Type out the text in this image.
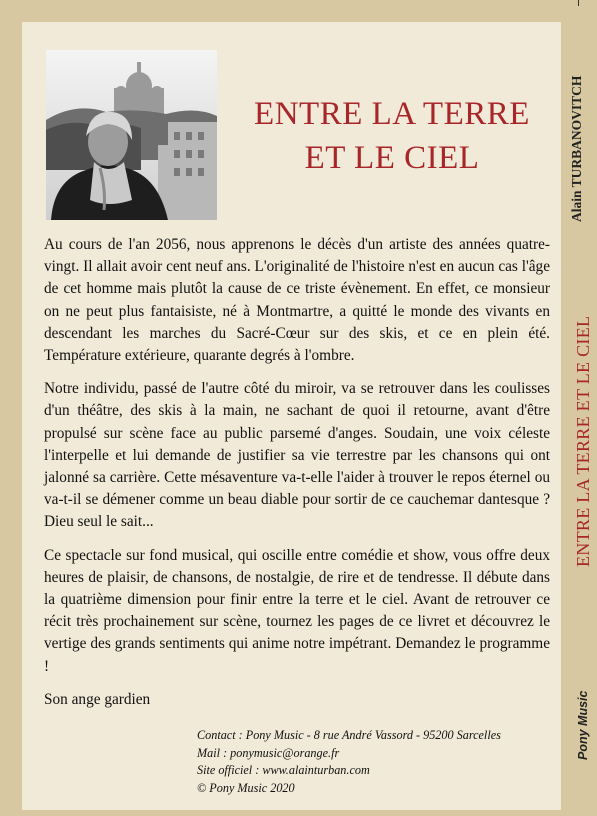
ENTRE LA TERRE
ET LE CIEL

Au cours de l'an 2056, nous apprenons le décès d'un artiste des années quatre-vingt. Il allait avoir cent neuf ans. L'originalité de l'histoire n'est en aucun cas l'âge de cet homme mais plutôt la cause de ce triste évènement. En effet, ce monsieur on ne peut plus fantaisiste, né à Montmartre, a quitté le monde des vivants en descendant les marches du Sacré-Cœur sur des skis, et ce en plein été. Température extérieure, quarante degrés à l'ombre.

Notre individu, passé de l'autre côté du miroir, va se retrouver dans les coulisses d'un théâtre, des skis à la main, ne sachant de quoi il retourne, avant d'être propulsé sur scène face au public parsemé d'anges. Soudain, une voix céleste l'interpelle et lui demande de justifier sa vie terrestre par les chansons qui ont jalonné sa carrière. Cette mésaventure va-t-elle l'aider à trouver le repos éternel ou va-t-il se démener comme un beau diable pour sortir de ce cauchemar dantesque ? Dieu seul le sait...

Ce spectacle sur fond musical, qui oscille entre comédie et show, vous offre deux heures de plaisir, de chansons, de nostalgie, de rire et de tendresse. Il débute dans la quatrième dimension pour finir entre la terre et le ciel. Avant de retrouver ce récit très prochainement sur scène, tournez les pages de ce livret et découvrez le vertige des grands sentiments qui anime notre impétrant. Demandez le programme !

Son ange gardien

Contact : Pony Music - 8 rue André Vassord - 95200 Sarcelles
Mail : ponymusic@orange.fr
Site officiel : www.alainturban.com
© Pony Music 2020
Alain TURBANOVITCH
ENTRE LA TERRE ET LE CIEL
Pony Music
